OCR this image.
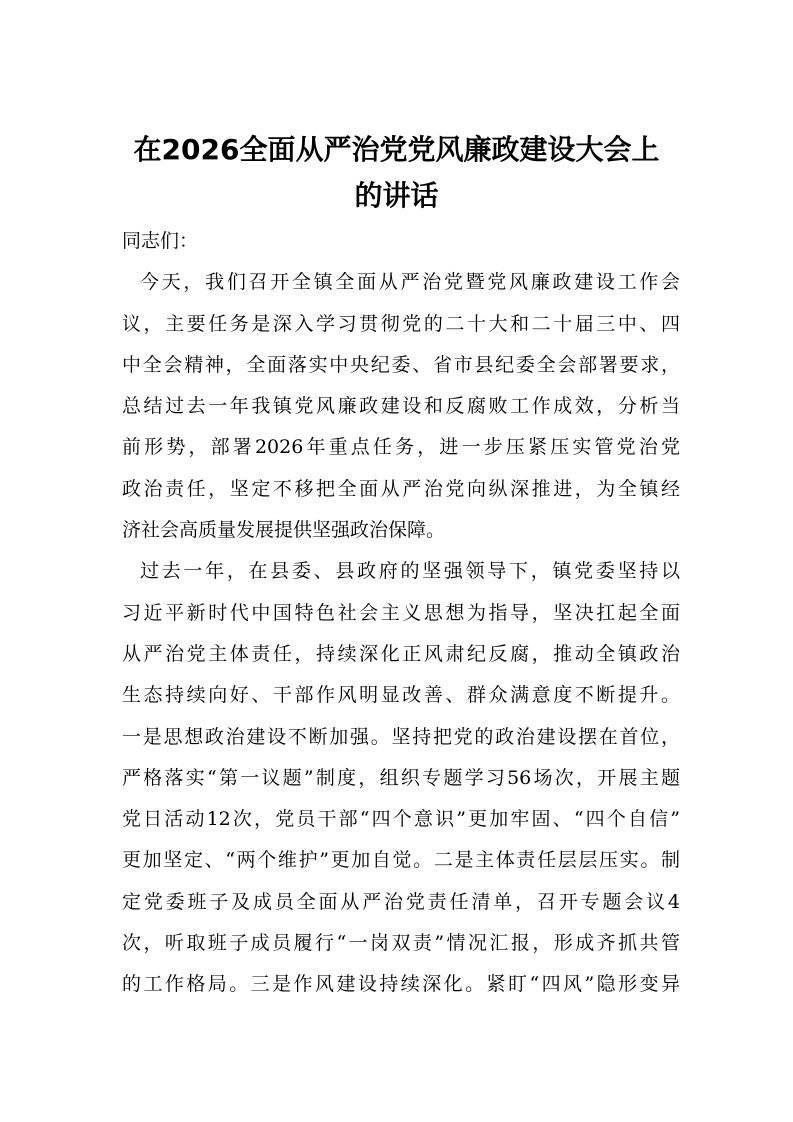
在2026全面从严治党党风廉政建设大会上
的讲话
同志们：
今天，我们召开全镇全面从严治党暨党风廉政建设工作会
议，主要任务是深入学习贯彻党的二十大和二十届三中、四
中全会精神，全面落实中央纪委、省市县纪委全会部署要求，
总结过去一年我镇党风廉政建设和反腐败工作成效，分析当
前形势，部署2026年重点任务，进一步压紧压实管党治党
政治责任，坚定不移把全面从严治党向纵深推进，为全镇经
济社会高质量发展提供坚强政治保障。
过去一年，在县委、县政府的坚强领导下，镇党委坚持以
习近平新时代中国特色社会主义思想为指导，坚决扛起全面
从严治党主体责任，持续深化正风肃纪反腐，推动全镇政治
生态持续向好、干部作风明显改善、群众满意度不断提升。
一是思想政治建设不断加强。坚持把党的政治建设摆在首位，
严格落实“第一议题”制度，组织专题学习56场次，开展主题
党日活动12次，党员干部“四个意识”更加牢固、“四个自信”
更加坚定、“两个维护”更加自觉。二是主体责任层层压实。制
定党委班子及成员全面从严治党责任清单，召开专题会议4
次，听取班子成员履行“一岗双责”情况汇报，形成齐抓共管
的工作格局。三是作风建设持续深化。紧盯“四风”隐形变异
